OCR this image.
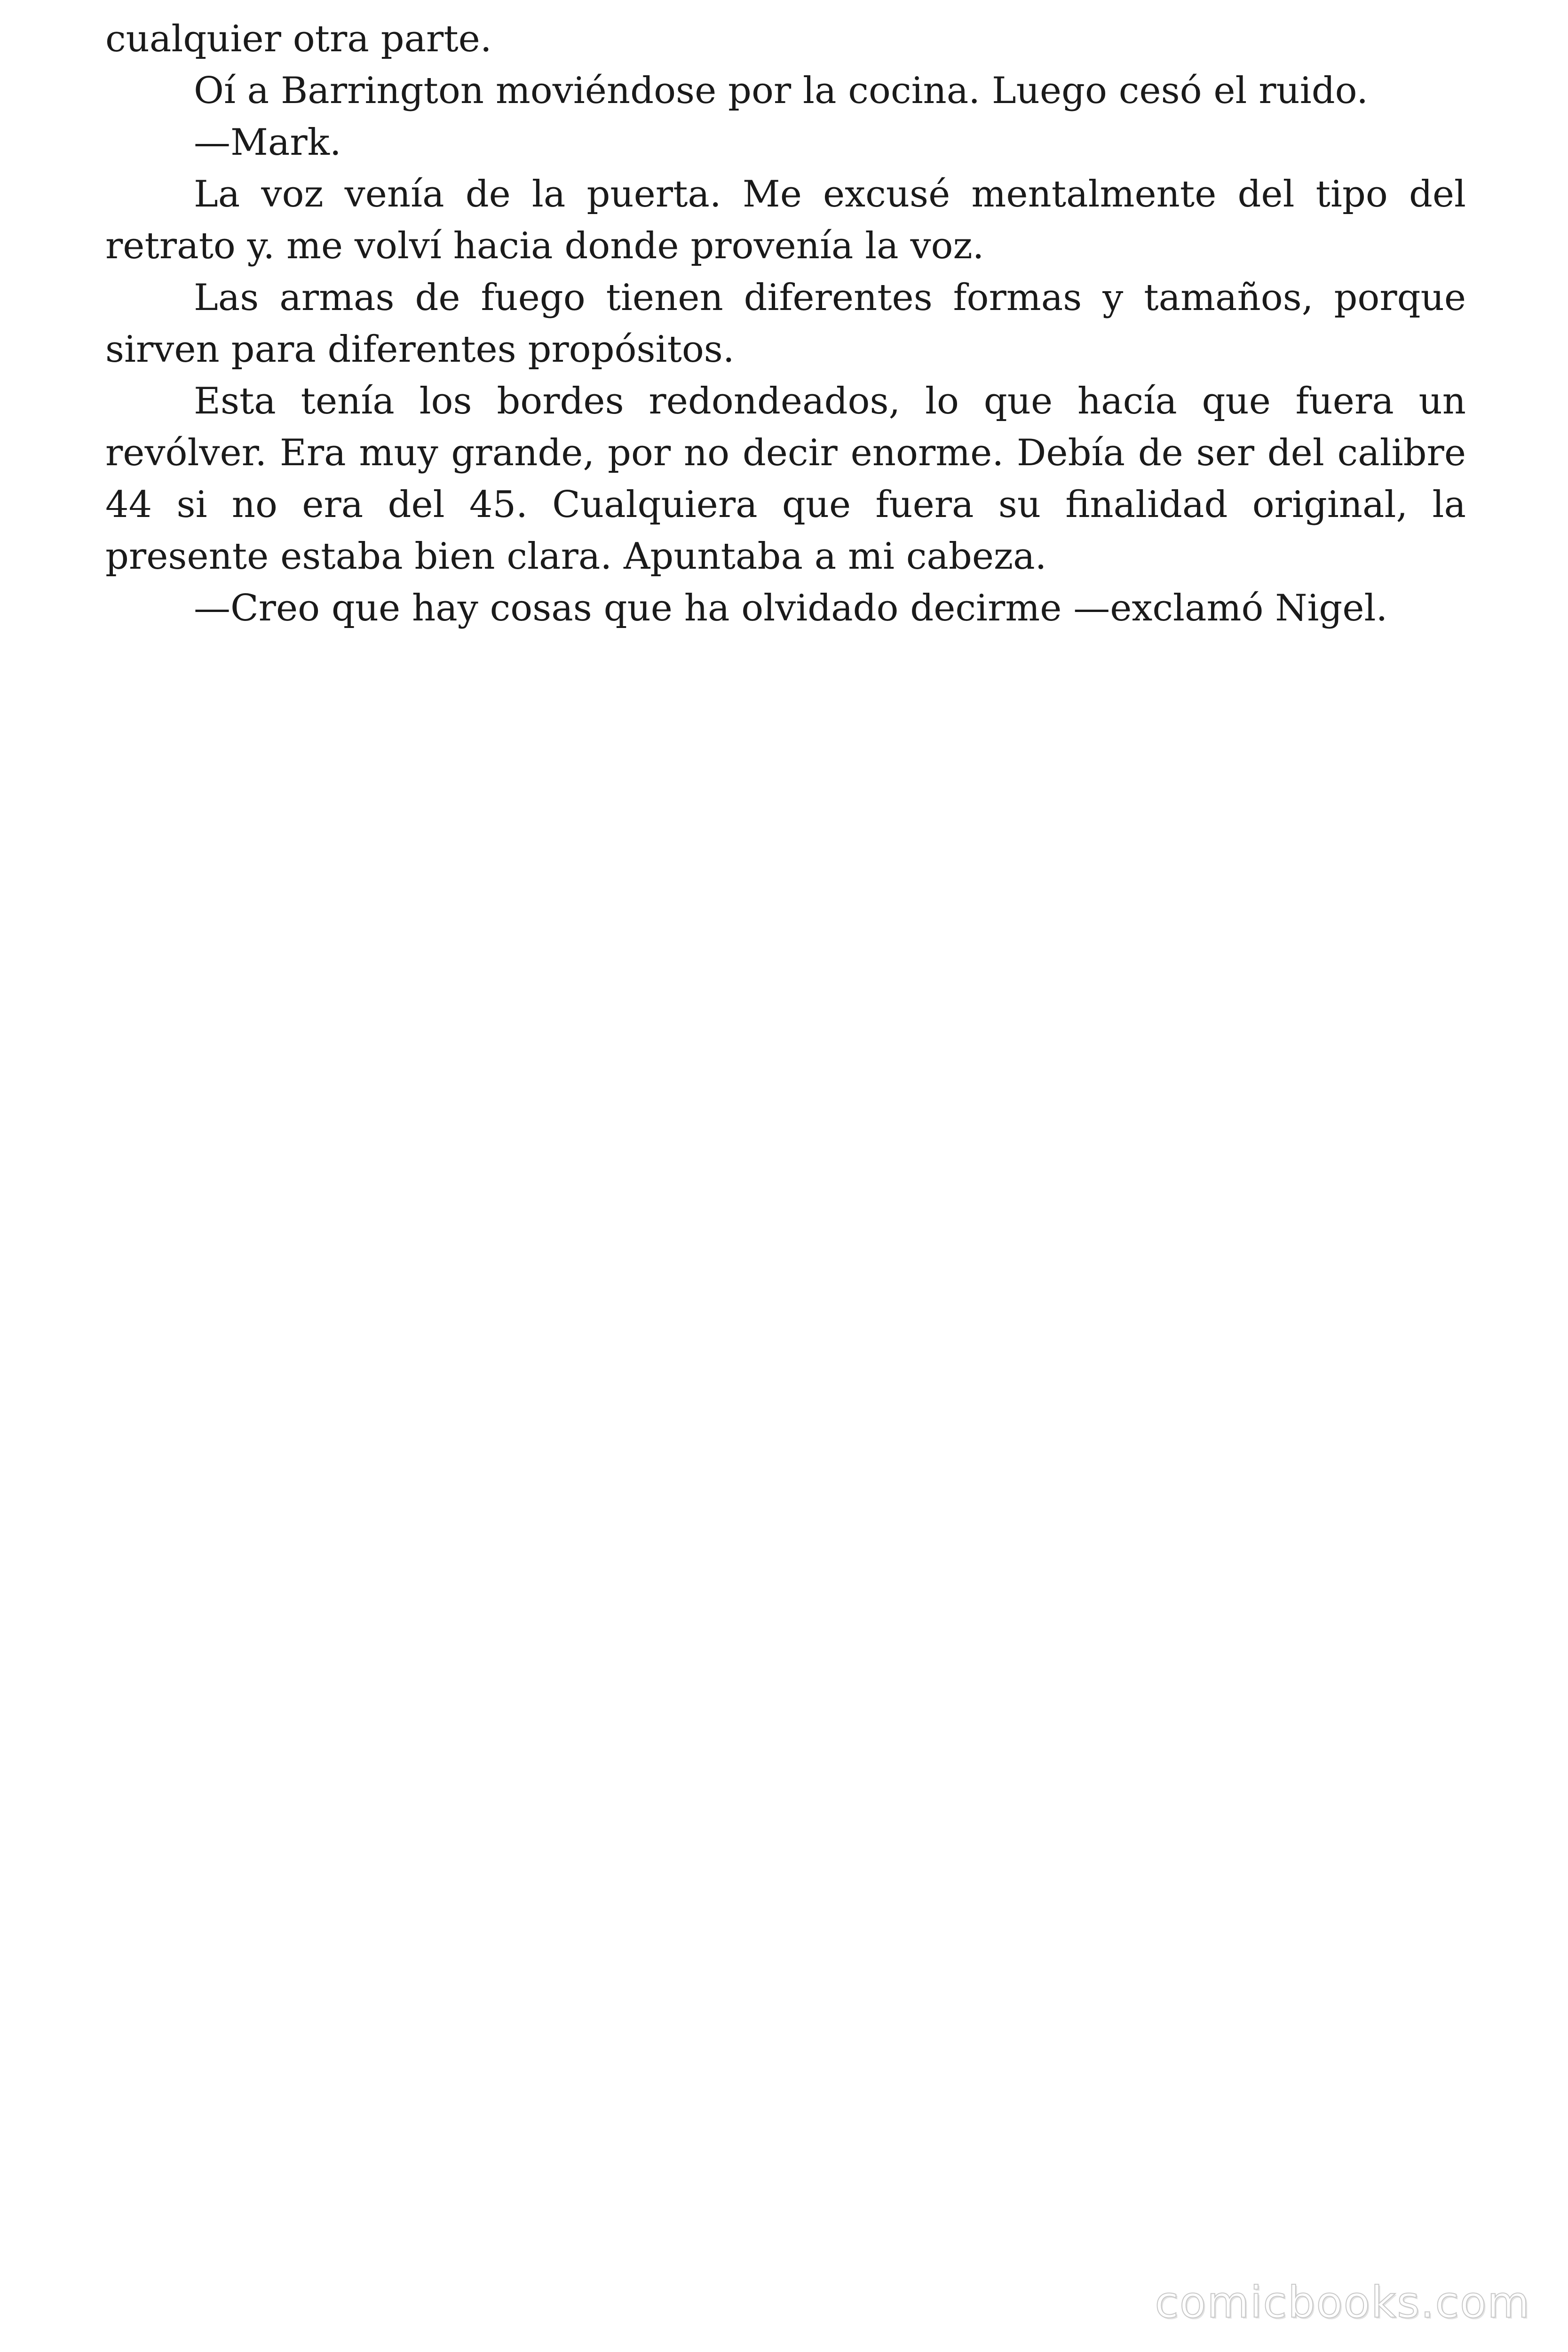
cualquier otra parte.

Oí a Barrington moviéndose por la cocina. Luego cesó el ruido.

—Mark.

La voz venía de la puerta. Me excusé mentalmente del tipo del retrato y. me volví hacia donde provenía la voz.

Las armas de fuego tienen diferentes formas y tamaños, porque sirven para diferentes propósitos.

Esta tenía los bordes redondeados, lo que hacía que fuera un revólver. Era muy grande, por no decir enorme. Debía de ser del calibre 44 si no era del 45. Cualquiera que fuera su finalidad original, la presente estaba bien clara. Apuntaba a mi cabeza.

—Creo que hay cosas que ha olvidado decirme —exclamó Nigel.

comicbooks.com
